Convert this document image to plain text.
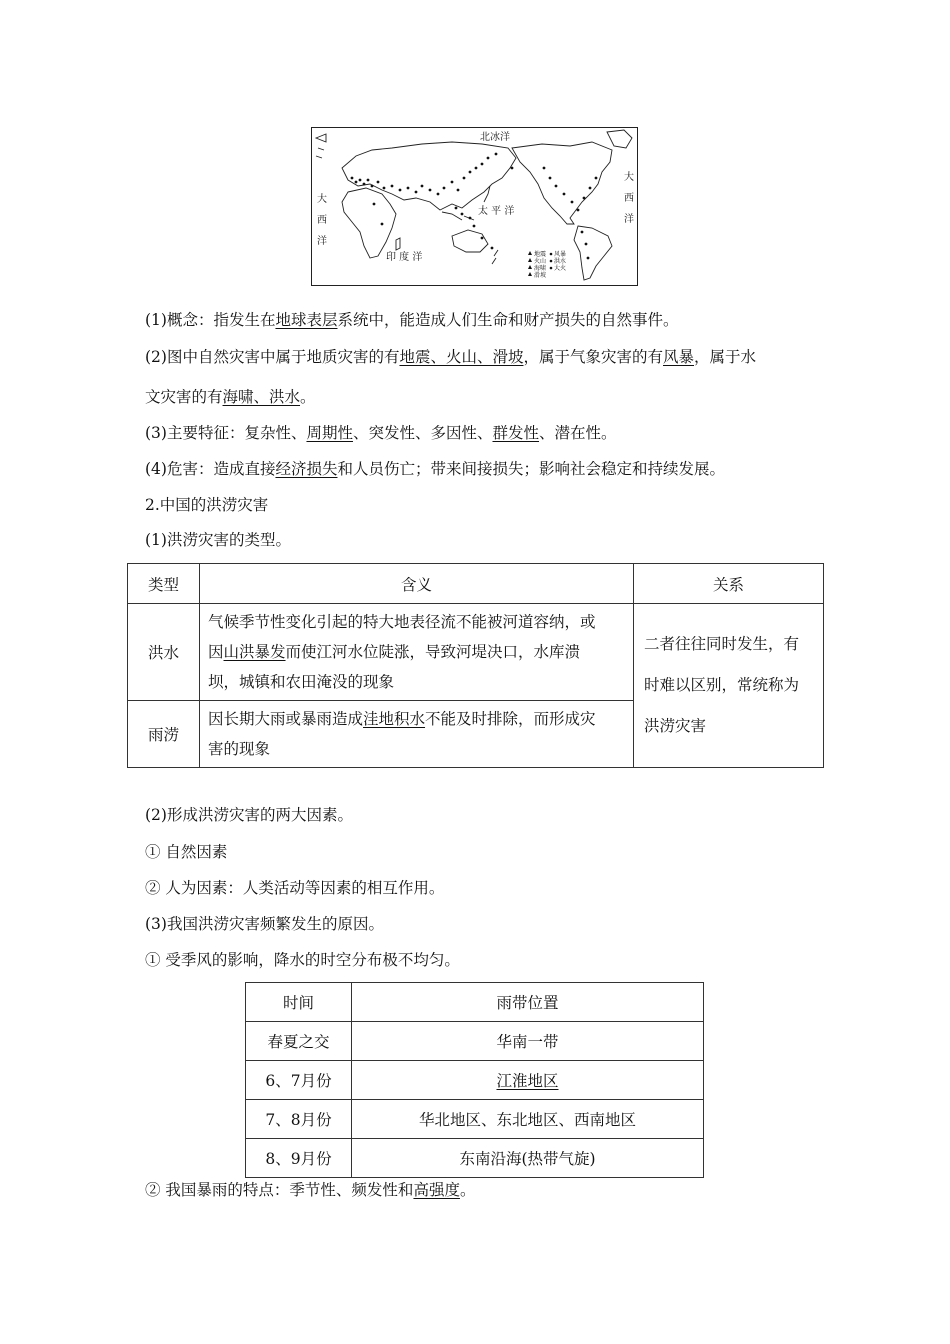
北冰洋
太 平 洋
印 度 洋
大
西
洋
大
西
洋
地震
火山
海啸
滑坡
风暴
洪水
大火
(1)概念：指发生在地球表层系统中，能造成人们生命和财产损失的自然事件。
(2)图中自然灾害中属于地质灾害的有地震、火山、滑坡，属于气象灾害的有风暴，属于水
文灾害的有海啸、洪水。
(3)主要特征：复杂性、周期性、突发性、多因性、群发性、潜在性。
(4)危害：造成直接经济损失和人员伤亡；带来间接损失；影响社会稳定和持续发展。
2.中国的洪涝灾害
(1)洪涝灾害的类型。
类型	含义	关系
洪水	气候季节性变化引起的特大地表径流不能被河道容纳，或
因山洪暴发而使江河水位陡涨，导致河堤决口，水库溃
坝，城镇和农田淹没的现象	二者往往同时发生，有时难以区别，常统称为洪涝灾害
雨涝	因长期大雨或暴雨造成洼地积水不能及时排除，而形成灾
害的现象	
(2)形成洪涝灾害的两大因素。
① 自然因素
② 人为因素：人类活动等因素的相互作用。
(3)我国洪涝灾害频繁发生的原因。
① 受季风的影响，降水的时空分布极不均匀。
时间	雨带位置
春夏之交	华南一带
6、7月份	江淮地区
7、8月份	华北地区、东北地区、西南地区
8、9月份	东南沿海(热带气旋)
② 我国暴雨的特点：季节性、频发性和高强度。
